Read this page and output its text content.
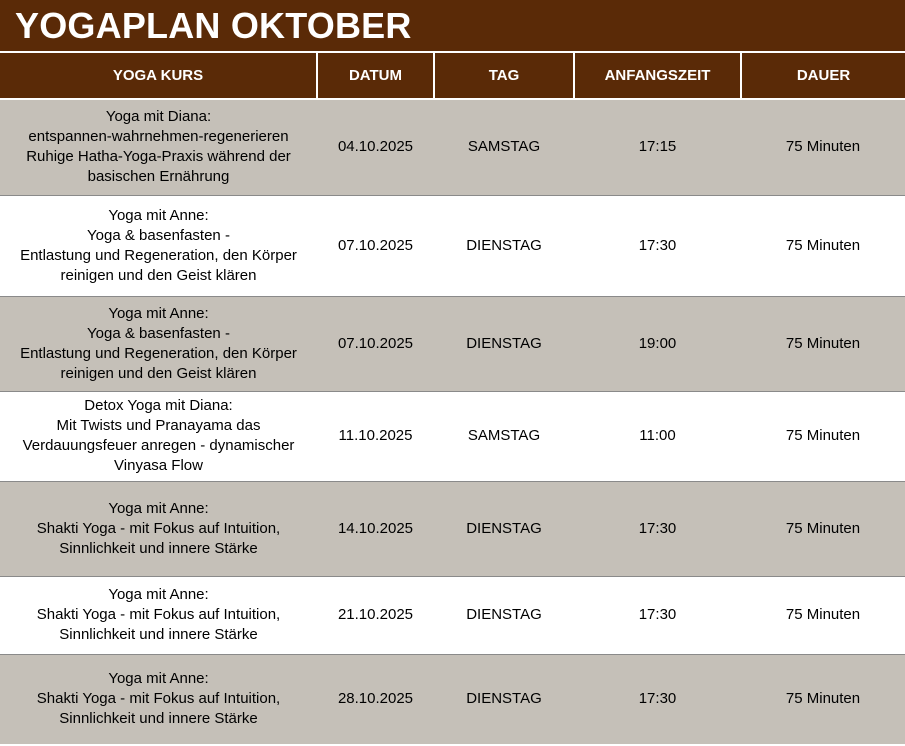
YOGAPLAN OKTOBER
YOGA KURS	DATUM	TAG	ANFANGSZEIT	DAUER

Yoga mit Diana:
entspannen-wahrnehmen-regenerieren
Ruhige Hatha-Yoga-Praxis während der
basischen Ernährung	04.10.2025	SAMSTAG	17:15	75 Minuten

Yoga mit Anne:
Yoga & basenfasten -
Entlastung und Regeneration, den Körper
reinigen und den Geist klären	07.10.2025	DIENSTAG	17:30	75 Minuten

Yoga mit Anne:
Yoga & basenfasten -
Entlastung und Regeneration, den Körper
reinigen und den Geist klären	07.10.2025	DIENSTAG	19:00	75 Minuten

Detox Yoga mit Diana:
Mit Twists und Pranayama das
Verdauungsfeuer anregen - dynamischer
Vinyasa Flow	11.10.2025	SAMSTAG	11:00	75 Minuten

Yoga mit Anne:
Shakti Yoga - mit Fokus auf Intuition,
Sinnlichkeit und innere Stärke	14.10.2025	DIENSTAG	17:30	75 Minuten

Yoga mit Anne:
Shakti Yoga - mit Fokus auf Intuition,
Sinnlichkeit und innere Stärke	21.10.2025	DIENSTAG	17:30	75 Minuten

Yoga mit Anne:
Shakti Yoga - mit Fokus auf Intuition,
Sinnlichkeit und innere Stärke	28.10.2025	DIENSTAG	17:30	75 Minuten
